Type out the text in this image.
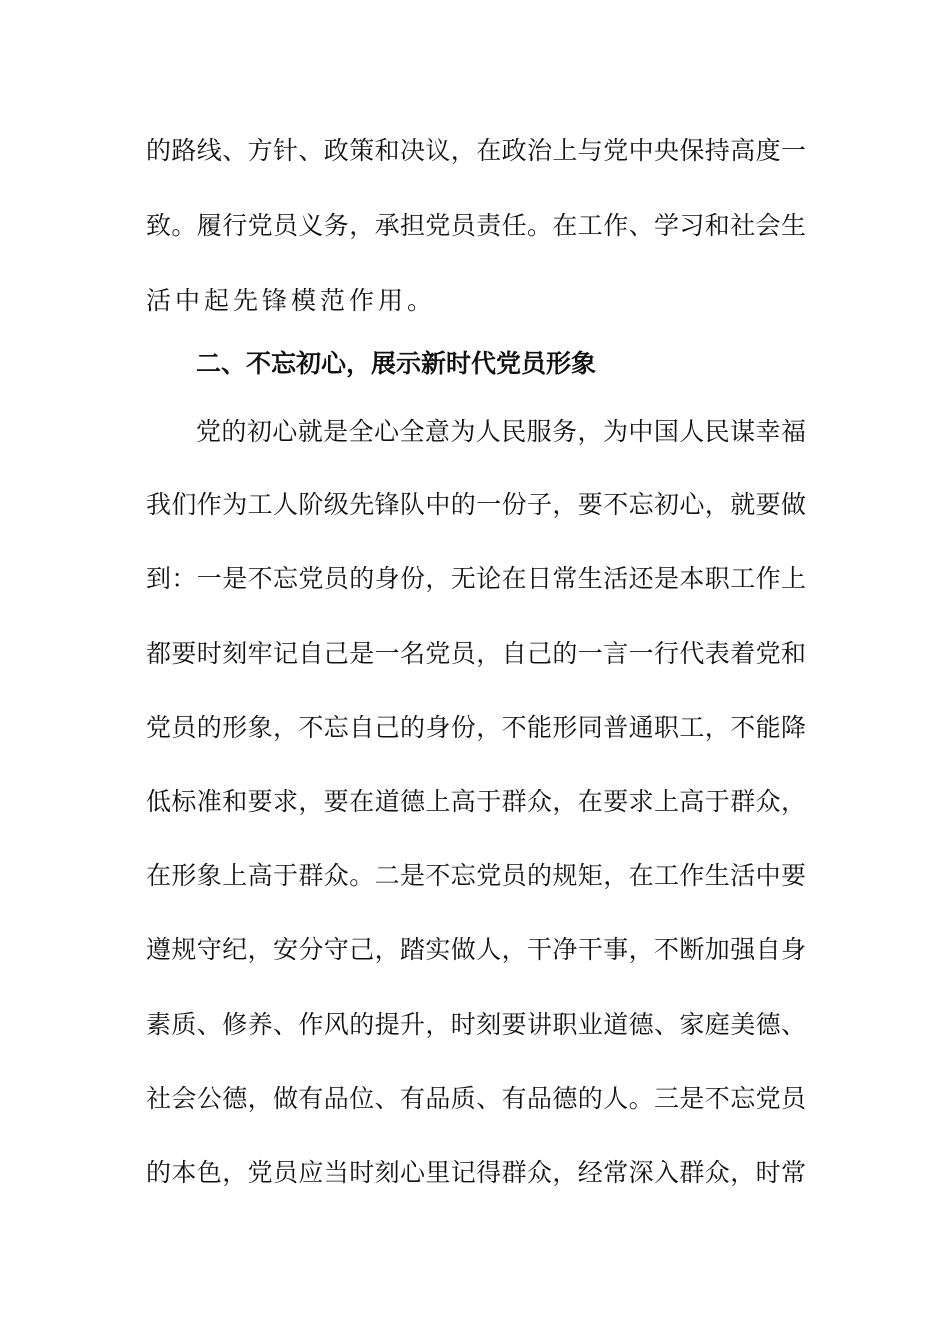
的路线、方针、政策和决议，在政治上与党中央保持高度一
致。履行党员义务，承担党员责任。在工作、学习和社会生
活中起先锋模范作用。
二、不忘初心，展示新时代党员形象
党的初心就是全心全意为人民服务，为中国人民谋幸福
我们作为工人阶级先锋队中的一份子，要不忘初心，就要做
到：一是不忘党员的身份，无论在日常生活还是本职工作上
都要时刻牢记自己是一名党员，自己的一言一行代表着党和
党员的形象，不忘自己的身份，不能形同普通职工，不能降
低标准和要求，要在道德上高于群众，在要求上高于群众，
在形象上高于群众。二是不忘党员的规矩，在工作生活中要
遵规守纪，安分守己，踏实做人，干净干事，不断加强自身
素质、修养、作风的提升，时刻要讲职业道德、家庭美德、
社会公德，做有品位、有品质、有品德的人。三是不忘党员
的本色，党员应当时刻心里记得群众，经常深入群众，时常
